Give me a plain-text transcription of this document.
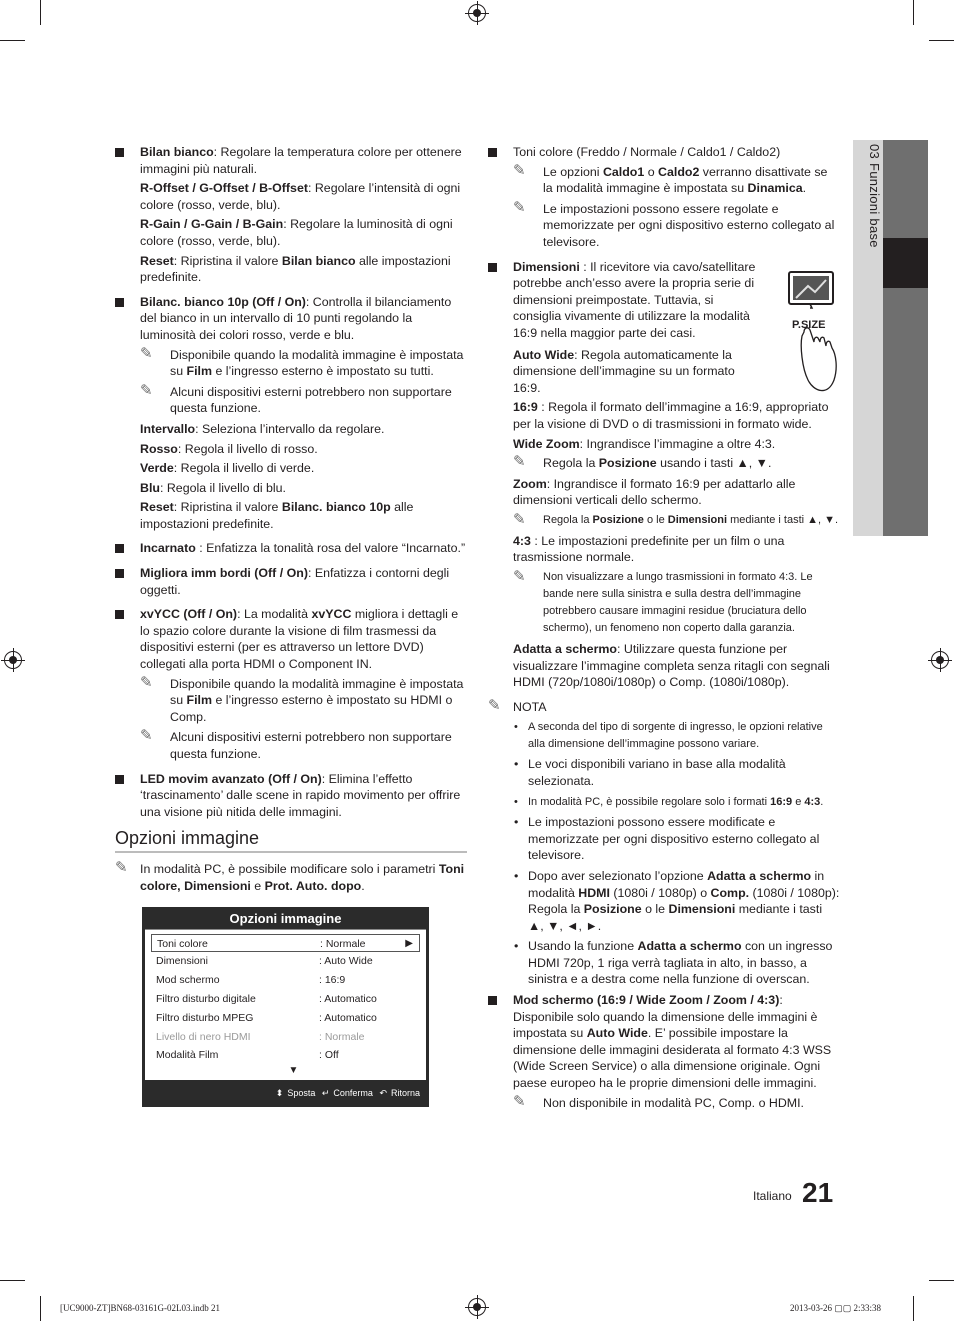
03 Funzioni base

Bilan bianco: Regolare la temperatura colore per ottenere immagini più naturali.

R-Offset / G-Offset / B-Offset: Regolare l’intensità di ogni colore (rosso, verde, blu).

R-Gain / G-Gain / B-Gain: Regolare la luminosità di ogni colore (rosso, verde, blu).

Reset: Ripristina il valore Bilan bianco alle impostazioni predefinite.

Bilanc. bianco 10p (Off / On): Controlla il bilanciamento del bianco in un intervallo di 10 punti regolando la luminosità dei colori rosso, verde e blu.

✎ Disponibile quando la modalità immagine è impostata su Film e l’ingresso esterno è impostato su tutti.
✎ Alcuni dispositivi esterni potrebbero non supportare questa funzione.

Intervallo: Seleziona l’intervallo da regolare.

Rosso: Regola il livello di rosso.

Verde: Regola il livello di verde.

Blu: Regola il livello di blu.

Reset: Ripristina il valore Bilanc. bianco 10p alle impostazioni predefinite.

Incarnato : Enfatizza la tonalità rosa del valore “Incarnato.”

Migliora imm bordi (Off / On): Enfatizza i contorni degli oggetti.

xvYCC (Off / On): La modalità xvYCC migliora i dettagli e lo spazio colore durante la visione di film trasmessi da dispositivi esterni (per es attraverso un lettore DVD) collegati alla porta HDMI o Component IN.

✎ Disponibile quando la modalità immagine è impostata su Film e l’ingresso esterno è impostato su HDMI o Comp.
✎ Alcuni dispositivi esterni potrebbero non supportare questa funzione.

LED movim avanzato (Off / On): Elimina l’effetto ‘trascinamento’ dalle scene in rapido movimento per offrire una visione più nitida delle immagini.

Opzioni immagine
✎ In modalità PC, è possibile modificare solo i parametri Toni colore, Dimensioni e Prot. Auto. dopo.
Opzioni immagine
Toni colore	: Normale	▶
Dimensioni	: Auto Wide
Mod schermo	: 16:9
Filtro disturbo digitale	: Automatico
Filtro disturbo MPEG	: Automatico
Livello di nero HDMI	: Normale
Modalità Film	: Off
▼
⬍ Sposta ↵ Conferma ↶ Ritorna
P.SIZE

Toni colore (Freddo / Normale / Caldo1 / Caldo2)

✎ Le opzioni Caldo1 o Caldo2 verranno disattivate se la modalità immagine è impostata su Dinamica.
✎ Le impostazioni possono essere regolate e memorizzate per ogni dispositivo esterno collegato al televisore.

Dimensioni : Il ricevitore via cavo/satellitare potrebbe anch’esso avere la propria serie di dimensioni preimpostate. Tuttavia, si consiglia vivamente di utilizzare la modalità 16:9 nella maggior parte dei casi.

Auto Wide: Regola automaticamente la dimensione dell’immagine su un formato 16:9.

16:9 : Regola il formato dell’immagine a 16:9, appropriato per la visione di DVD o di trasmissioni in formato wide.

Wide Zoom: Ingrandisce l’immagine a oltre 4:3.

✎ Regola la Posizione usando i tasti ▲, ▼.

Zoom: Ingrandisce il formato 16:9 per adattarlo alle dimensioni verticali dello schermo.

✎ Regola la Posizione o le Dimensioni mediante i tasti ▲, ▼.

4:3 : Le impostazioni predefinite per un film o una trasmissione normale.

✎ Non visualizzare a lungo trasmissioni in formato 4:3. Le bande nere sulla sinistra e sulla destra dell’immagine potrebbero causare immagini residue (bruciatura dello schermo), un fenomeno non coperto dalla garanzia.

Adatta a schermo: Utilizzare questa funzione per visualizzare l’immagine completa senza ritagli con segnali HDMI (720p/1080i/1080p) o Comp. (1080i/1080p).

✎ NOTA
• A seconda del tipo di sorgente di ingresso, le opzioni relative alla dimensione dell’immagine possono variare.
• Le voci disponibili variano in base alla modalità selezionata.
• In modalità PC, è possibile regolare solo i formati 16:9 e 4:3.
• Le impostazioni possono essere modificate e memorizzate per ogni dispositivo esterno collegato al televisore.
• Dopo aver selezionato l’opzione Adatta a schermo in modalità HDMI (1080i / 1080p) o Comp. (1080i / 1080p): Regola la Posizione o le Dimensioni mediante i tasti ▲, ▼, ◄, ►.
• Usando la funzione Adatta a schermo con un ingresso HDMI 720p, 1 riga verrà tagliata in alto, in basso, a sinistra e a destra come nella funzione di overscan.

Mod schermo (16:9 / Wide Zoom / Zoom / 4:3): Disponibile solo quando la dimensione delle immagini è impostata su Auto Wide. E’ possibile impostare la dimensione delle immagini desiderata al formato 4:3 WSS (Wide Screen Service) o alla dimensione originale. Ogni paese europeo ha le proprie dimensioni delle immagini.

✎ Non disponibile in modalità PC, Comp. o HDMI.
Italiano 21
[UC9000-ZT]BN68-03161G-02L03.indb 21	2013-03-26 ▢▢ 2:33:38
